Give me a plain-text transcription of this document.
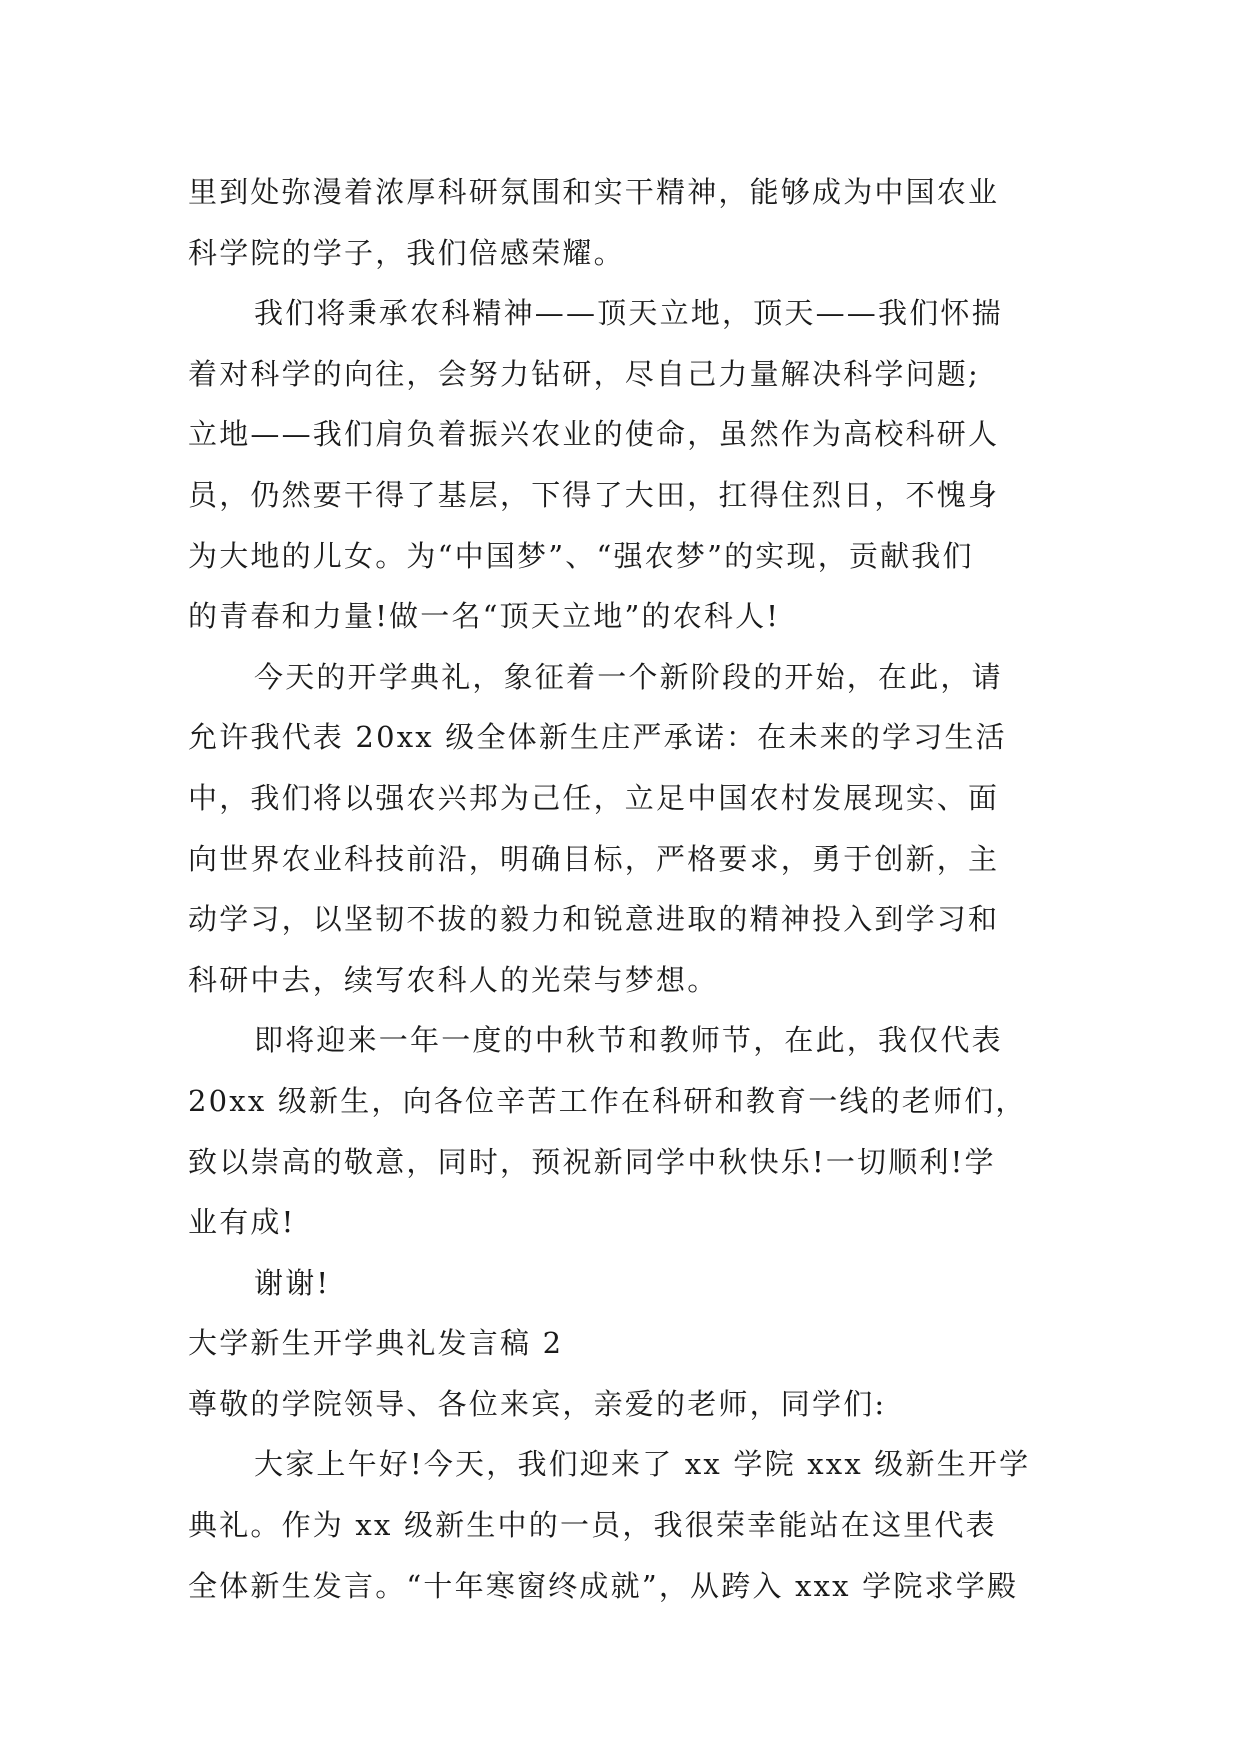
里到处弥漫着浓厚科研氛围和实干精神，能够成为中国农业
科学院的学子，我们倍感荣耀。
我们将秉承农科精神——顶天立地，顶天——我们怀揣
着对科学的向往，会努力钻研，尽自己力量解决科学问题;
立地——我们肩负着振兴农业的使命，虽然作为高校科研人
员，仍然要干得了基层，下得了大田，扛得住烈日，不愧身
为大地的儿女。为“中国梦”、“强农梦”的实现，贡献我们
的青春和力量!做一名“顶天立地”的农科人!
今天的开学典礼，象征着一个新阶段的开始，在此，请
允许我代表 20xx 级全体新生庄严承诺：在未来的学习生活
中，我们将以强农兴邦为己任，立足中国农村发展现实、面
向世界农业科技前沿，明确目标，严格要求，勇于创新，主
动学习，以坚韧不拔的毅力和锐意进取的精神投入到学习和
科研中去，续写农科人的光荣与梦想。
即将迎来一年一度的中秋节和教师节，在此，我仅代表
20xx 级新生，向各位辛苦工作在科研和教育一线的老师们，
致以崇高的敬意，同时，预祝新同学中秋快乐!一切顺利!学
业有成!
谢谢!
大学新生开学典礼发言稿 2
尊敬的学院领导、各位来宾，亲爱的老师，同学们:
大家上午好!今天，我们迎来了 xx 学院 xxx 级新生开学
典礼。作为 xx 级新生中的一员，我很荣幸能站在这里代表
全体新生发言。“十年寒窗终成就”，从跨入 xxx 学院求学殿
